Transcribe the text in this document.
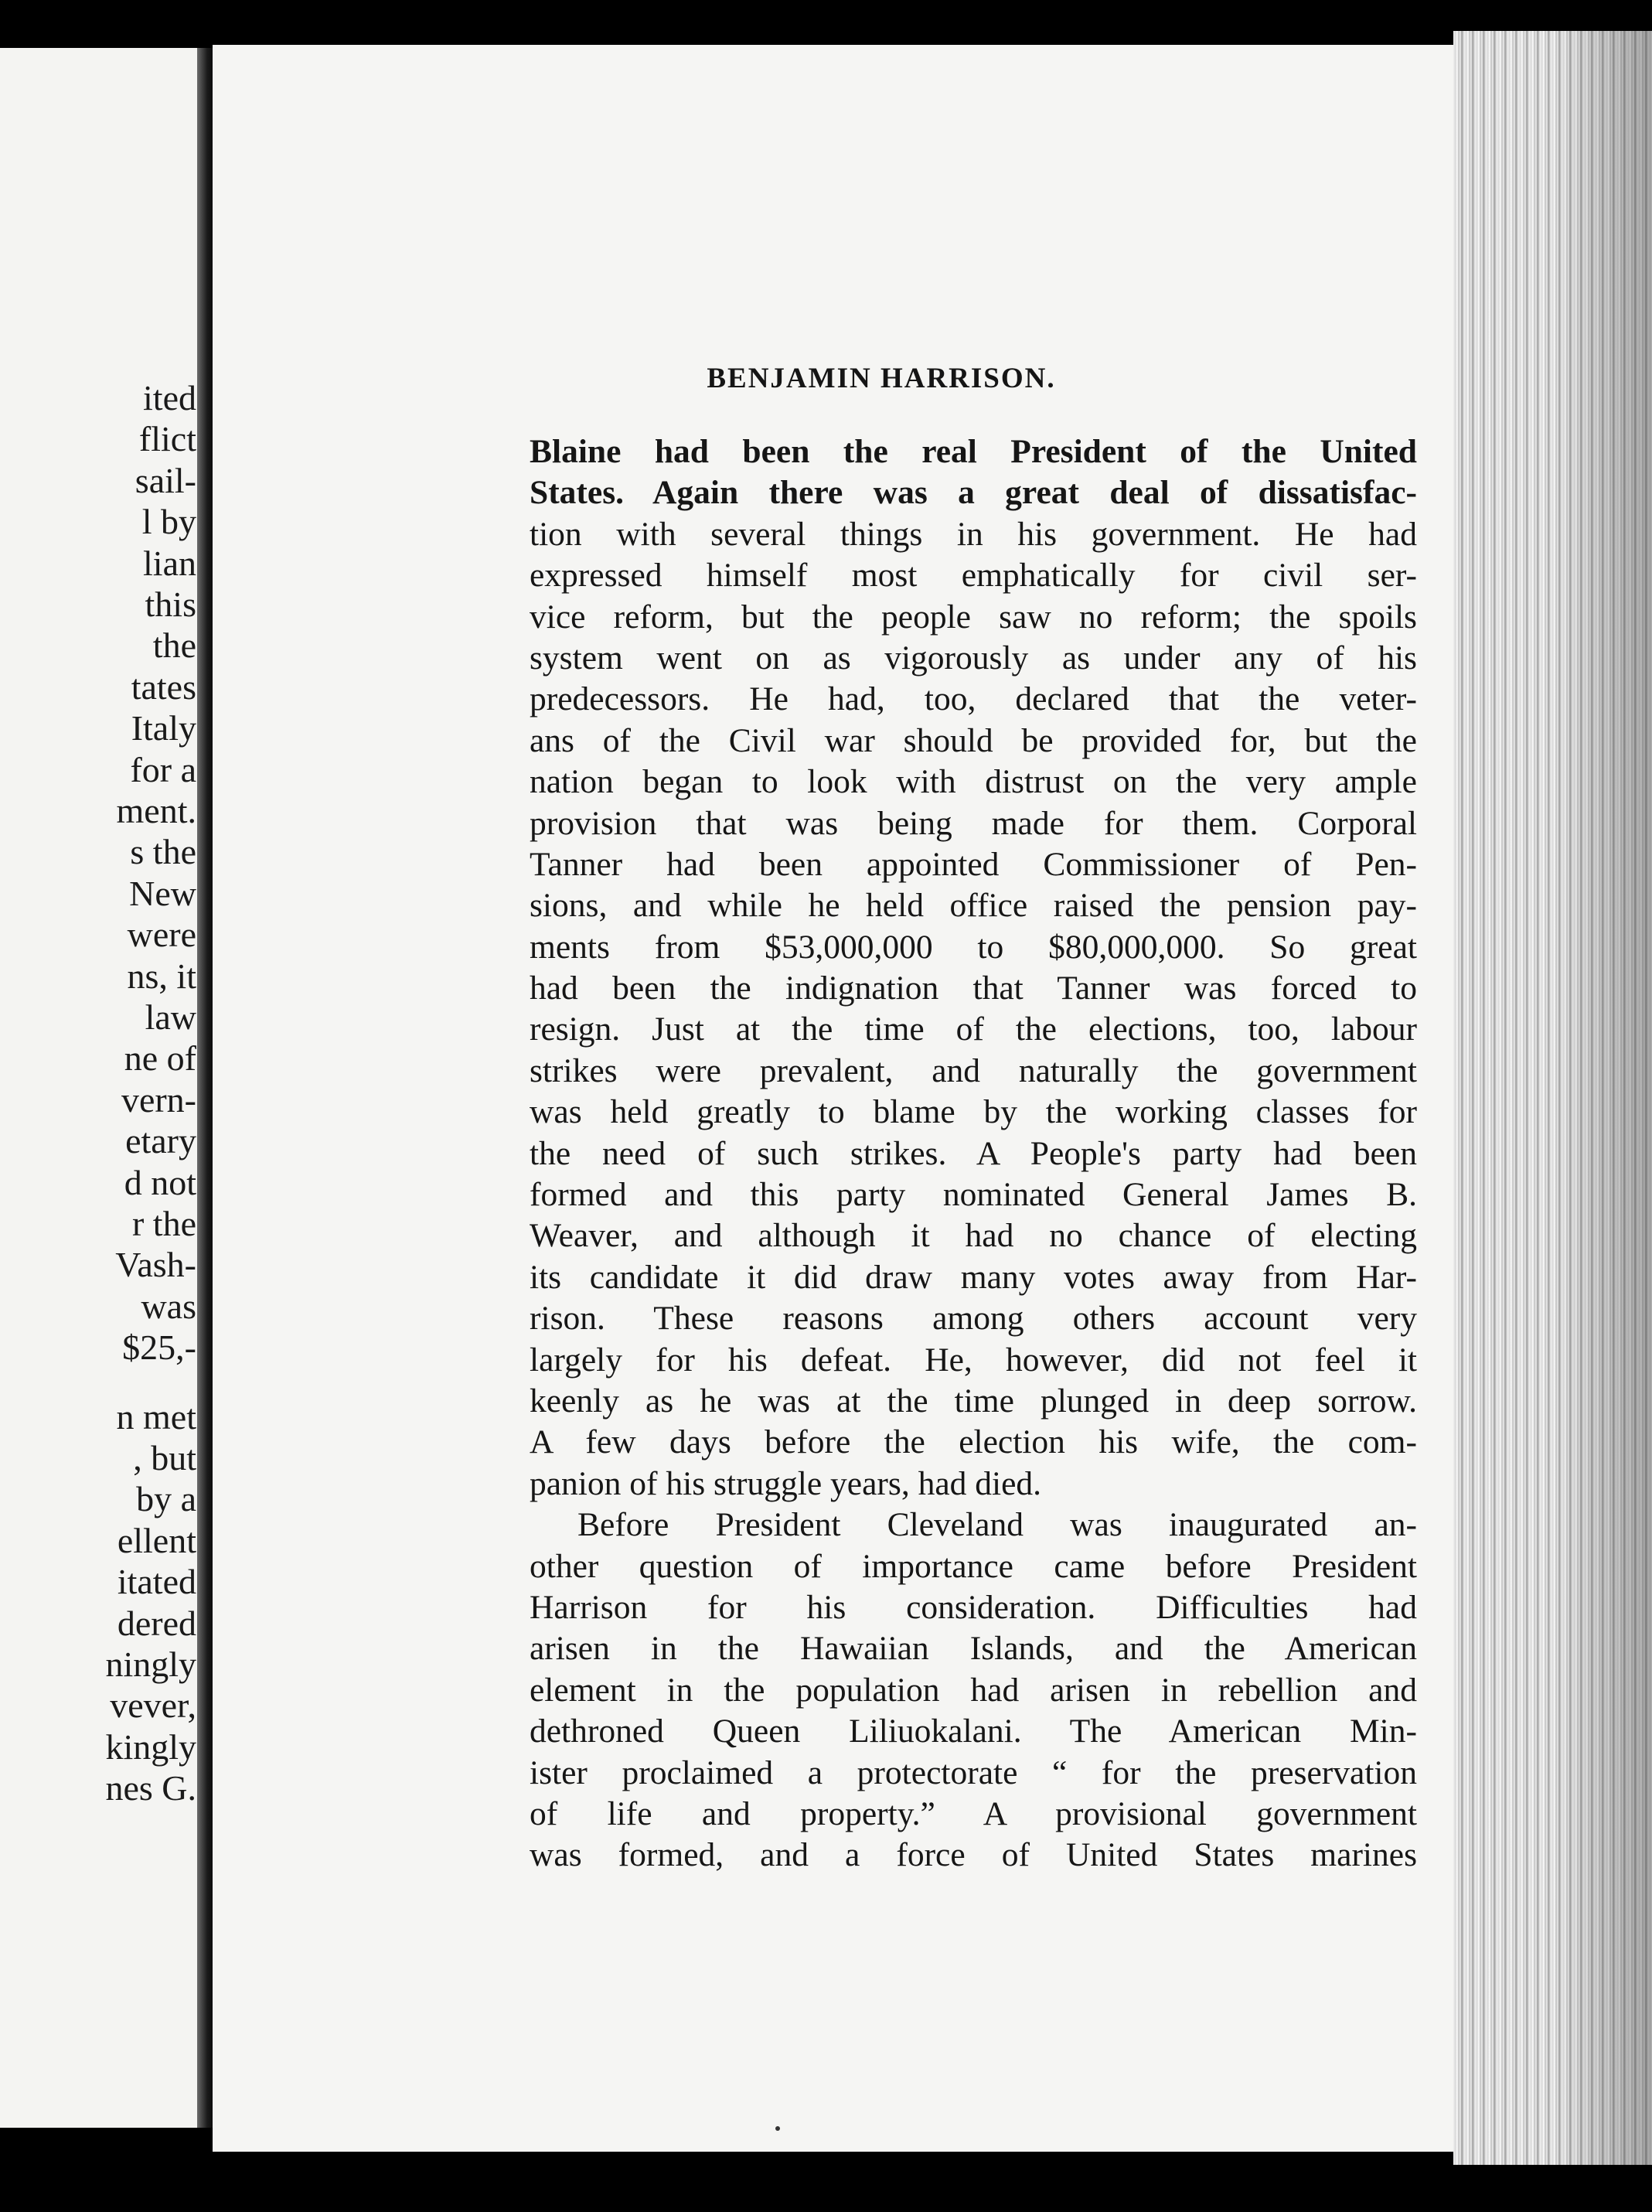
ited
flict
sail-
l by
lian
this
the
tates
Italy
for a
ment.
s the
New
were
ns, it
law
ne of
vern-
etary
d not
r the
Vash-
was
$25,-
n met
, but
by a
ellent
itated
dered
ningly
vever,
kingly
nes G.
BENJAMIN HARRISON.
Blaine had been the real President of the United
States. Again there was a great deal of dissatisfac-
tion with several things in his government. He had
expressed himself most emphatically for civil ser-
vice reform, but the people saw no reform; the spoils
system went on as vigorously as under any of his
predecessors. He had, too, declared that the veter-
ans of the Civil war should be provided for, but the
nation began to look with distrust on the very ample
provision that was being made for them. Corporal
Tanner had been appointed Commissioner of Pen-
sions, and while he held office raised the pension pay-
ments from $53,000,000 to $80,000,000. So great
had been the indignation that Tanner was forced to
resign. Just at the time of the elections, too, labour
strikes were prevalent, and naturally the government
was held greatly to blame by the working classes for
the need of such strikes. A People's party had been
formed and this party nominated General James B.
Weaver, and although it had no chance of electing
its candidate it did draw many votes away from Har-
rison. These reasons among others account very
largely for his defeat. He, however, did not feel it
keenly as he was at the time plunged in deep sorrow.
A few days before the election his wife, the com-
panion of his struggle years, had died.
Before President Cleveland was inaugurated an-
other question of importance came before President
Harrison for his consideration. Difficulties had
arisen in the Hawaiian Islands, and the American
element in the population had arisen in rebellion and
dethroned Queen Liliuokalani. The American Min-
ister proclaimed a protectorate “ for the preservation
of life and property.” A provisional government
was formed, and a force of United States marines
